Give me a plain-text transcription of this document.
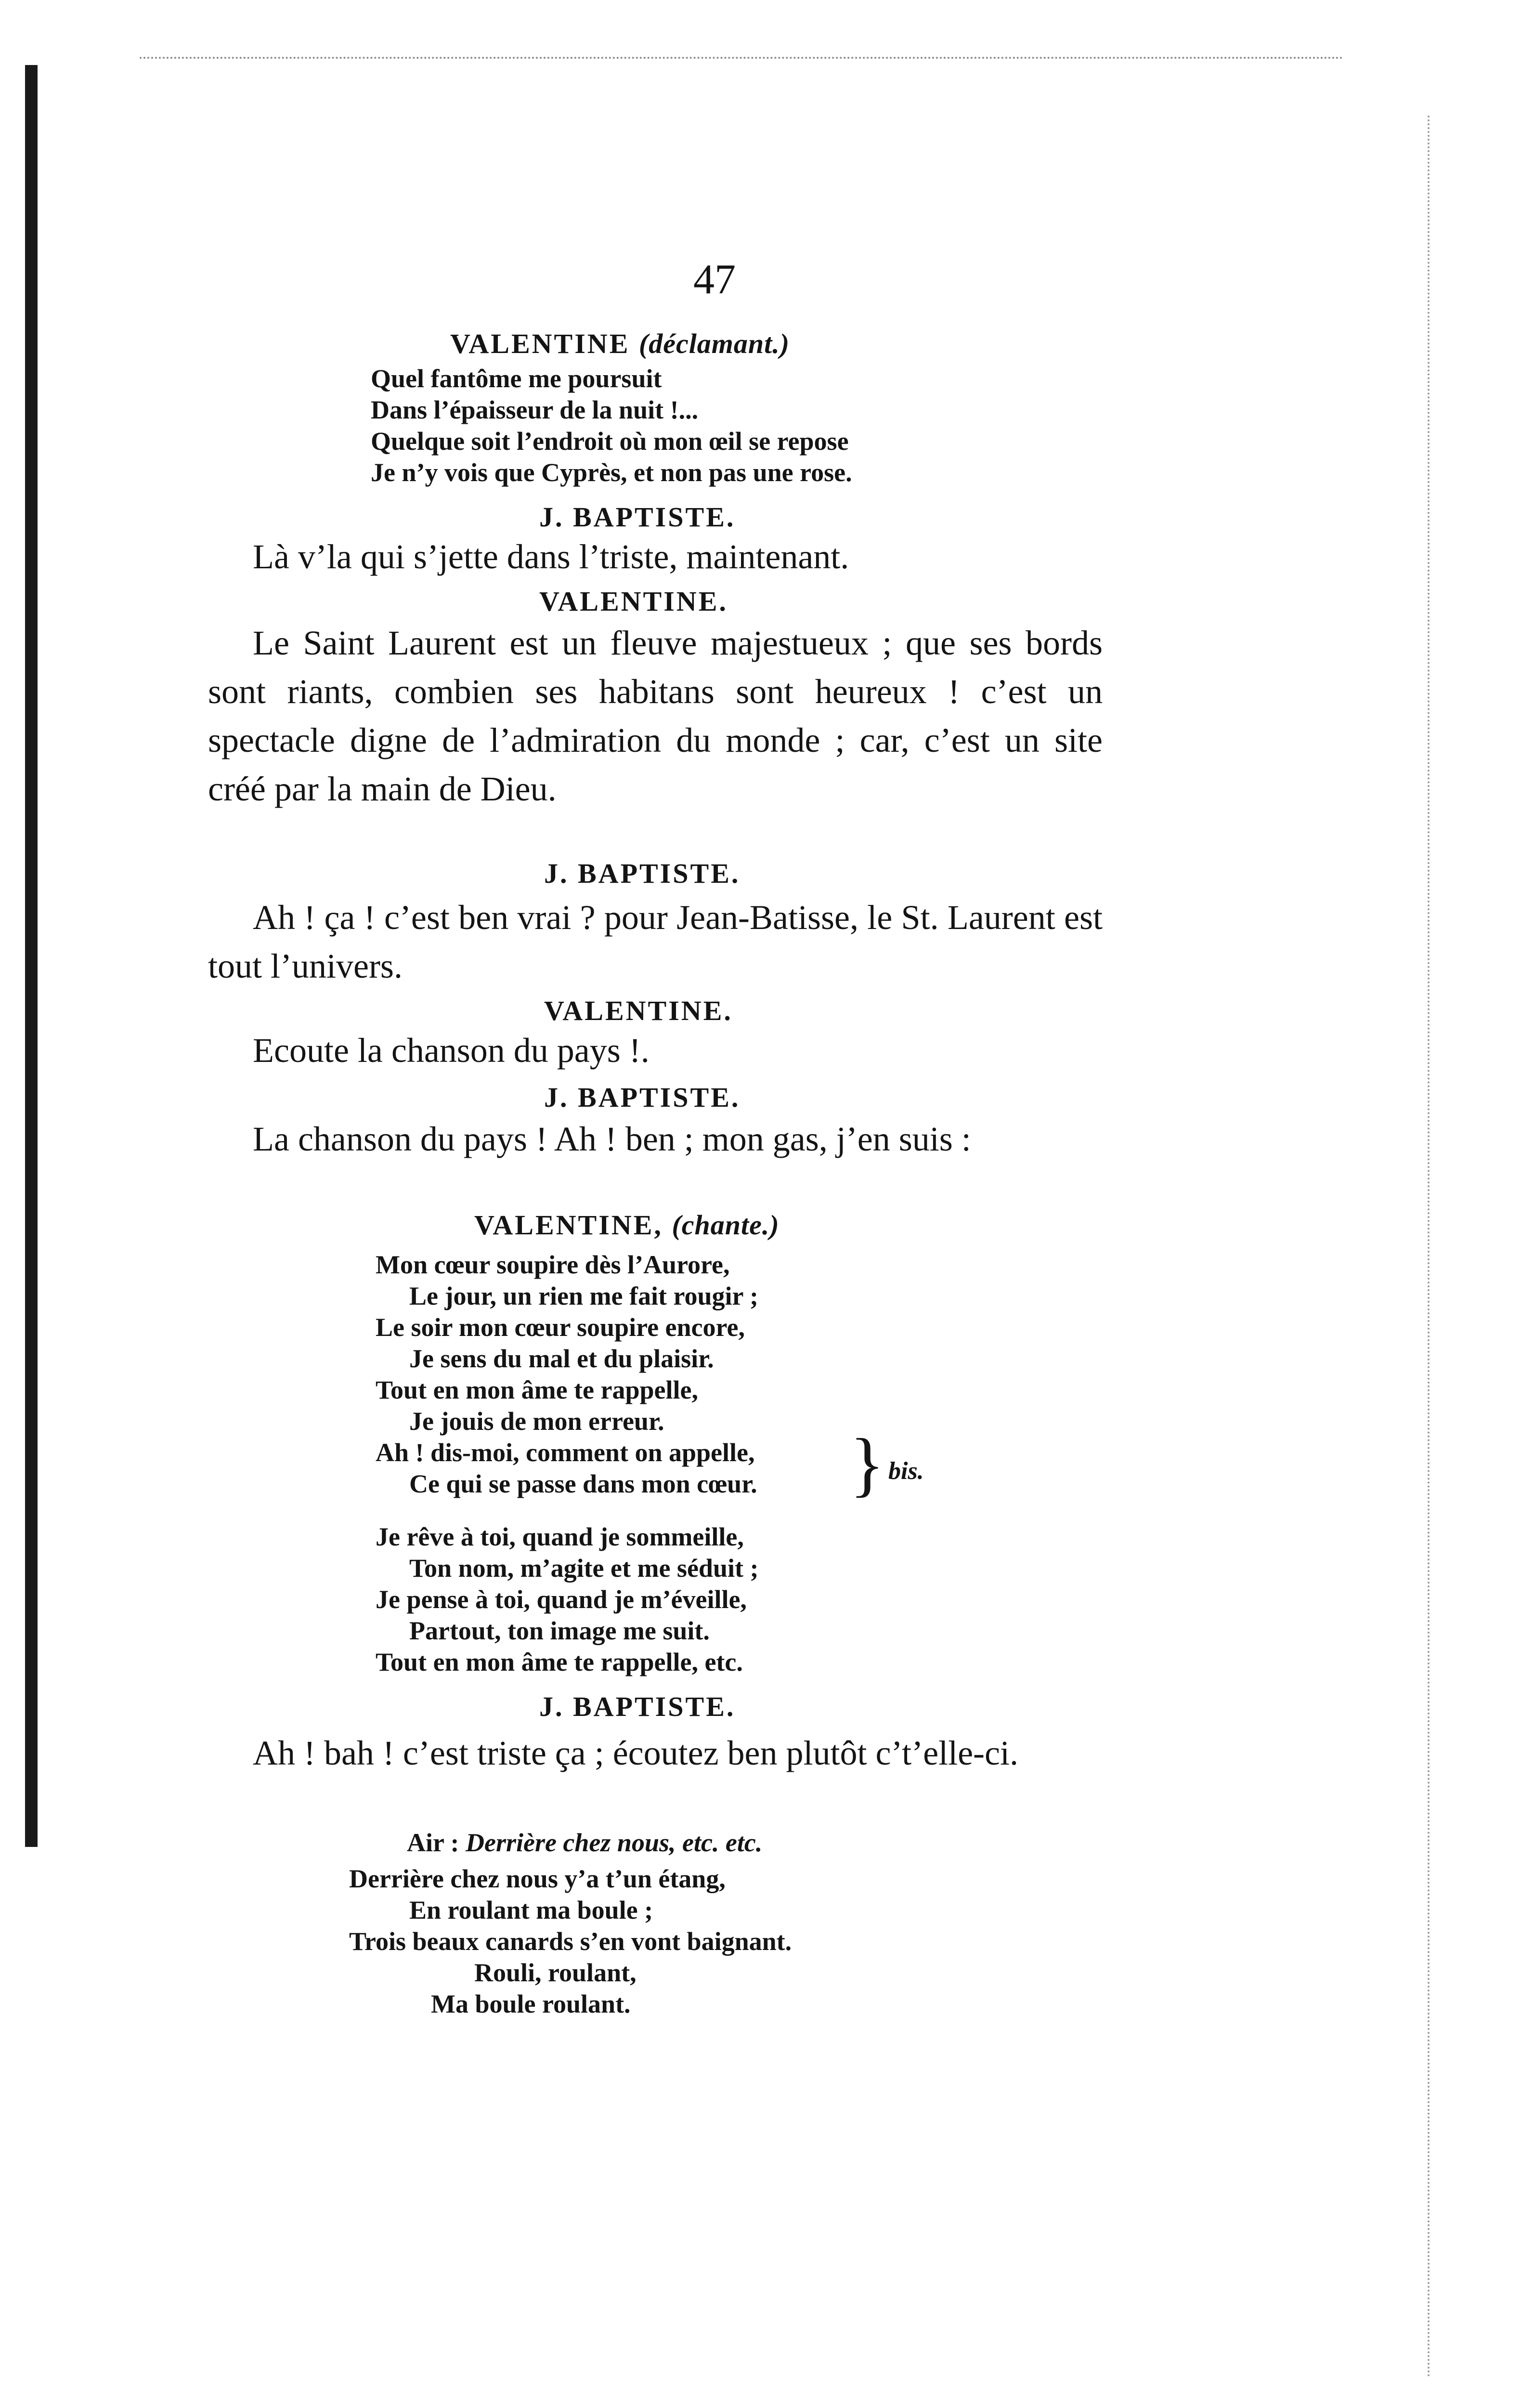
47
VALENTINE (déclamant.)
Quel fantôme me poursuit
Dans l’épaisseur de la nuit !...
Quelque soit l’endroit où mon œil se repose
Je n’y vois que Cyprès, et non pas une rose.
J. BAPTISTE.
Là v’la qui s’jette dans l’triste, maintenant.
VALENTINE.

Le Saint Laurent est un fleuve majestueux ; que ses bords sont riants, combien ses habitans sont heureux ! c’est un spectacle digne de l’admiration du monde ; car, c’est un site créé par la main de Dieu.

J. BAPTISTE.

Ah ! ça ! c’est ben vrai ? pour Jean-Batisse, le St. Laurent est tout l’univers.

VALENTINE.
Ecoute la chanson du pays !.
J. BAPTISTE.

La chanson du pays ! Ah ! ben ; mon gas, j’en suis :

VALENTINE, (chante.)
Mon cœur soupire dès l’Aurore,
Le jour, un rien me fait rougir ;
Le soir mon cœur soupire encore,
Je sens du mal et du plaisir.
Tout en mon âme te rappelle,
Je jouis de mon erreur.
Ah ! dis-moi, comment on appelle,
Ce qui se passe dans mon cœur. } bis.
Je rêve à toi, quand je sommeille,
Ton nom, m’agite et me séduit ;
Je pense à toi, quand je m’éveille,
Partout, ton image me suit.
Tout en mon âme te rappelle, etc.
J. BAPTISTE.

Ah ! bah ! c’est triste ça ; écoutez ben plutôt c’t’elle-ci.

Air : Derrière chez nous, etc. etc.
Derrière chez nous y’a t’un étang,
En roulant ma boule ;
Trois beaux canards s’en vont baignant.
Rouli, roulant,
Ma boule roulant.
